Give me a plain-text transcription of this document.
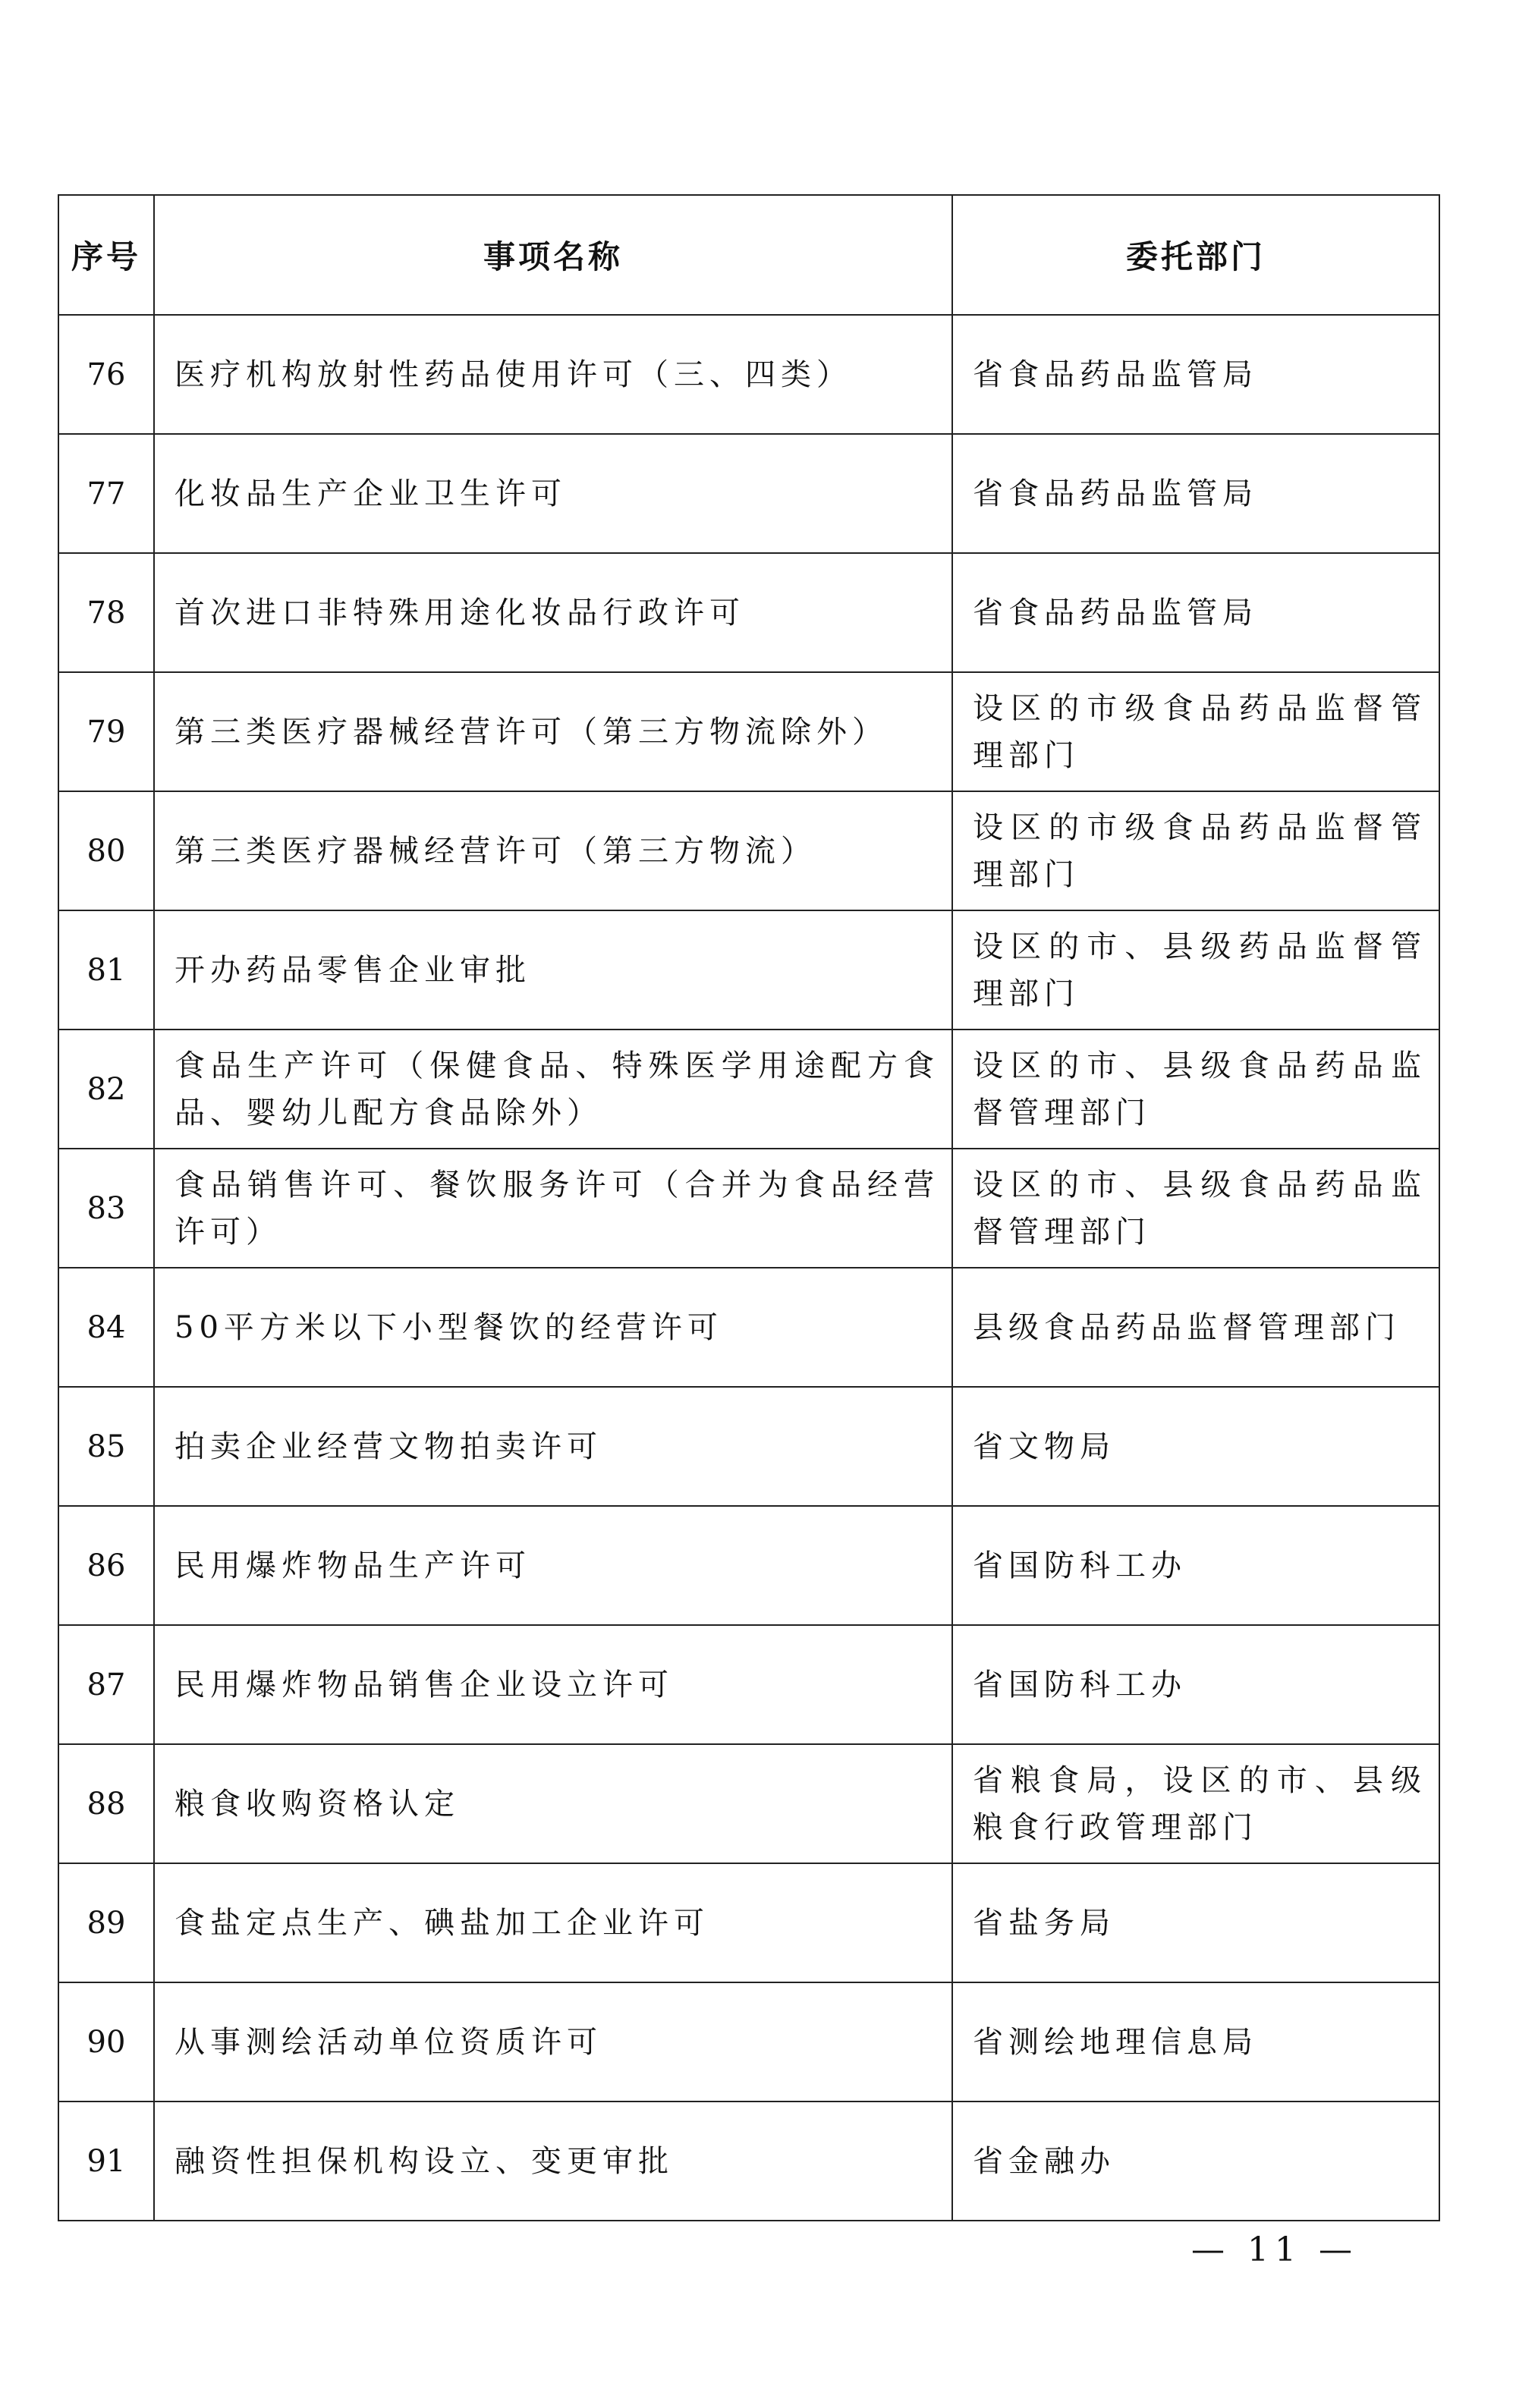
序号	事项名称	委托部门
76	医疗机构放射性药品使用许可（三、四类）	省食品药品监管局
77	化妆品生产企业卫生许可	省食品药品监管局
78	首次进口非特殊用途化妆品行政许可	省食品药品监管局
79	第三类医疗器械经营许可（第三方物流除外）	设区的市级食品药品监督管理部门
80	第三类医疗器械经营许可（第三方物流）	设区的市级食品药品监督管理部门
81	开办药品零售企业审批	设区的市、县级药品监督管理部门
82	食品生产许可（保健食品、特殊医学用途配方食品、婴幼儿配方食品除外）	设区的市、县级食品药品监督管理部门
83	食品销售许可、餐饮服务许可（合并为食品经营许可）	设区的市、县级食品药品监督管理部门
84	50平方米以下小型餐饮的经营许可	县级食品药品监督管理部门
85	拍卖企业经营文物拍卖许可	省文物局
86	民用爆炸物品生产许可	省国防科工办
87	民用爆炸物品销售企业设立许可	省国防科工办
88	粮食收购资格认定	省粮食局，设区的市、县级粮食行政管理部门
89	食盐定点生产、碘盐加工企业许可	省盐务局
90	从事测绘活动单位资质许可	省测绘地理信息局
91	融资性担保机构设立、变更审批	省金融办
— 11 —
